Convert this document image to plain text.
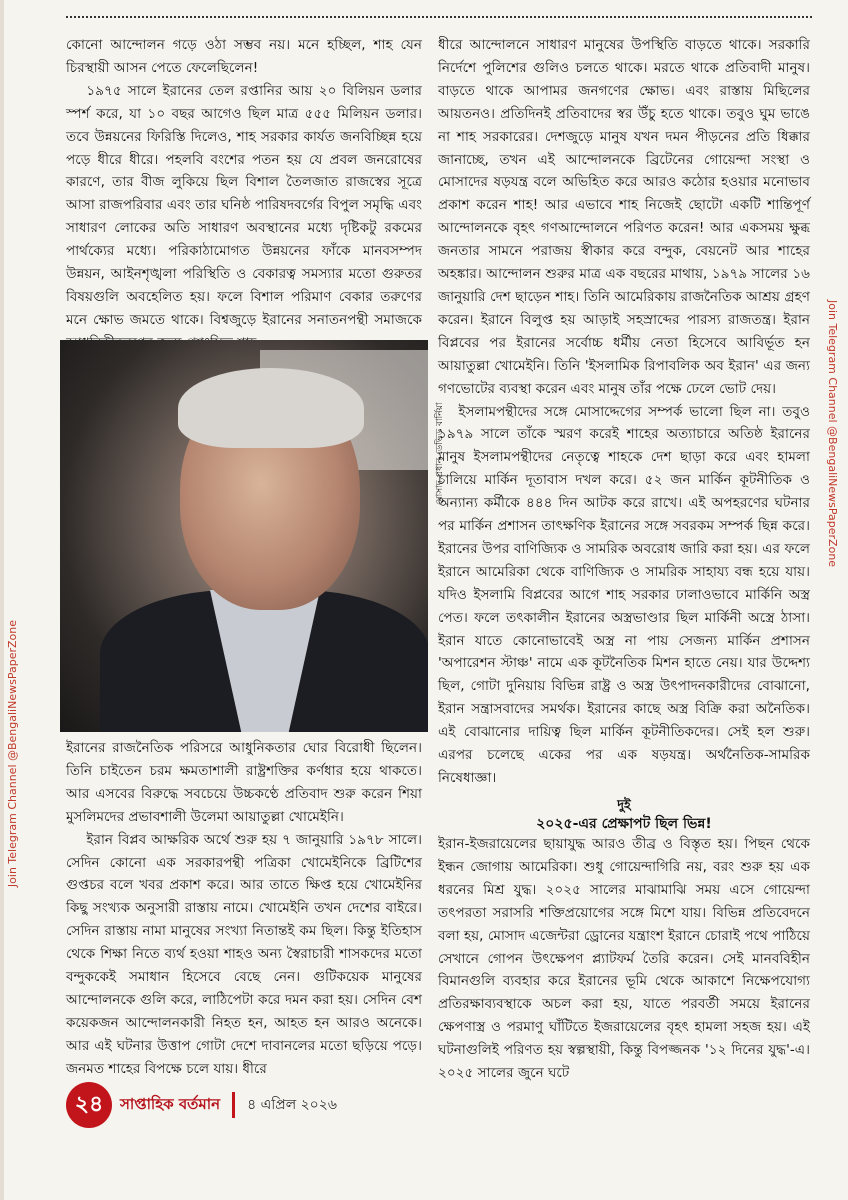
কোনো আন্দোলন গড়ে ওঠা সম্ভব নয়। মনে হচ্ছিল, শাহ যেন চিরস্থায়ী আসন পেতে ফেলেছিলেন!

১৯৭৫ সালে ইরানের তেল রপ্তানির আয় ২০ বিলিয়ন ডলার স্পর্শ করে, যা ১০ বছর আগেও ছিল মাত্র ৫৫৫ মিলিয়ন ডলার। তবে উন্নয়নের ফিরিস্তি দিলেও, শাহ সরকার কার্যত জনবিচ্ছিন্ন হয়ে পড়ে ধীরে ধীরে। পহলবি বংশের পতন হয় যে প্রবল জনরোষের কারণে, তার বীজ লুকিয়ে ছিল বিশাল তৈলজাত রাজস্বের সূত্রে আসা রাজপরিবার এবং তার ঘনিষ্ঠ পারিষদবর্গের বিপুল সমৃদ্ধি এবং সাধারণ লোকের অতি সাধারণ অবস্থানের মধ্যে দৃষ্টিকটু রকমের পার্থক্যের মধ্যে। পরিকাঠামোগত উন্নয়নের ফাঁকে মানবসম্পদ উন্নয়ন, আইনশৃঙ্খলা পরিস্থিতি ও বেকারত্ব সমস্যার মতো গুরুতর বিষয়গুলি অবহেলিত হয়। ফলে বিশাল পরিমাণ বেকার তরুণের মনে ক্ষোভ জমতে থাকে। বিশ্বজুড়ে ইরানের সনাতনপন্থী সমাজকে

মোসাদ প্রধান ডেভিড বার্নিয়া

ইরানের রাজনৈতিক পরিসরে আধুনিকতার ঘোর বিরোধী ছিলেন। তিনি চাইতেন চরম ক্ষমতাশালী রাষ্ট্রশক্তির কর্ণধার হয়ে থাকতে। আর এসবের বিরুদ্ধে সবচেয়ে উচ্চকণ্ঠে প্রতিবাদ শুরু করেন শিয়া মুসলিমদের প্রভাবশালী উলেমা আয়াতুল্লা খোমেইনি।

ইরান বিপ্লব আক্ষরিক অর্থে শুরু হয় ৭ জানুয়ারি ১৯৭৮ সালে। সেদিন কোনো এক সরকারপন্থী পত্রিকা খোমেইনিকে ব্রিটিশের গুপ্তচর বলে খবর প্রকাশ করে। আর তাতে ক্ষিপ্ত হয়ে খোমেইনির কিছু সংখ্যক অনুসারী রাস্তায় নামে। খোমেইনি তখন দেশের বাইরে। সেদিন রাস্তায় নামা মানুষের সংখ্যা নিতান্তই কম ছিল। কিন্তু ইতিহাস থেকে শিক্ষা নিতে ব্যর্থ হওয়া শাহও অন্য স্বৈরাচারী শাসকদের মতো বন্দুককেই সমাধান হিসেবে বেছে নেন। গুটিকয়েক মানুষের আন্দোলনকে গুলি করে, লাঠিপেটা করে দমন করা হয়। সেদিন বেশ কয়েকজন আন্দোলনকারী নিহত হন, আহত হন আরও অনেকে। আর এই ঘটনার উত্তাপ গোটা দেশে দাবানলের মতো ছড়িয়ে পড়ে। জনমত শাহের বিপক্ষে চলে যায়। ধীরে

ধীরে আন্দোলনে সাধারণ মানুষের উপস্থিতি বাড়তে থাকে। সরকারি নির্দেশে পুলিশের গুলিও চলতে থাকে। মরতে থাকে প্রতিবাদী মানুষ। বাড়তে থাকে আপামর জনগণের ক্ষোভ। এবং রাস্তায় মিছিলের আয়তনও। প্রতিদিনই প্রতিবাদের স্বর উঁচু হতে থাকে। তবুও ঘুম ভাঙে না শাহ সরকারের। দেশজুড়ে মানুষ যখন দমন পীড়নের প্রতি ধিক্কার জানাচ্ছে, তখন এই আন্দোলনকে ব্রিটেনের গোয়েন্দা সংস্থা ও মোসাদের ষড়যন্ত্র বলে অভিহিত করে আরও কঠোর হওয়ার মনোভাব প্রকাশ করেন শাহ! আর এভাবে শাহ নিজেই ছোটো একটি শান্তিপূর্ণ আন্দোলনকে বৃহৎ গণআন্দোলনে পরিণত করেন! আর একসময় ক্ষুব্ধ জনতার সামনে পরাজয় স্বীকার করে বন্দুক, বেয়নেট আর শাহের অহঙ্কার। আন্দোলন শুরুর মাত্র এক বছরের মাথায়, ১৯৭৯ সালের ১৬ জানুয়ারি দেশ ছাড়েন শাহ। তিনি আমেরিকায় রাজনৈতিক আশ্রয় গ্রহণ করেন। ইরানে বিলুপ্ত হয় আড়াই সহস্রাব্দের পারস্য রাজতন্ত্র। ইরান বিপ্লবের পর ইরানের সর্বোচ্চ ধর্মীয় নেতা হিসেবে আবির্ভূত হন আয়াতুল্লা খোমেইনি। তিনি 'ইসলামিক রিপাবলিক অব ইরান' এর জন্য গণভোটের ব্যবস্থা করেন এবং মানুষ তাঁর পক্ষে ঢেলে ভোট দেয়।

ইসলামপন্থীদের সঙ্গে মোসাদ্দেগের সম্পর্ক ভালো ছিল না। তবুও ১৯৭৯ সালে তাঁকে স্মরণ করেই শাহের অত্যাচারে অতিষ্ঠ ইরানের মানুষ ইসলামপন্থীদের নেতৃত্বে শাহকে দেশ ছাড়া করে এবং হামলা চালিয়ে মার্কিন দূতাবাস দখল করে। ৫২ জন মার্কিন কূটনীতিক ও অন্যান্য কর্মীকে ৪৪৪ দিন আটক করে রাখে। এই অপহরণের ঘটনার পর মার্কিন প্রশাসন তাৎক্ষণিক ইরানের সঙ্গে সবরকম সম্পর্ক ছিন্ন করে। ইরানের উপর বাণিজ্যিক ও সামরিক অবরোধ জারি করা হয়। এর ফলে ইরানে আমেরিকা থেকে বাণিজ্যিক ও সামরিক সাহায্য বন্ধ হয়ে যায়। যদিও ইসলামি বিপ্লবের আগে শাহ সরকার ঢালাওভাবে মার্কিনি অস্ত্র পেত। ফলে তৎকালীন ইরানের অস্ত্রভাণ্ডার ছিল মার্কিনী অস্ত্রে ঠাসা। ইরান যাতে কোনোভাবেই অস্ত্র না পায় সেজন্য মার্কিন প্রশাসন 'অপারেশন স্টাঞ্চ' নামে এক কূটনৈতিক মিশন হাতে নেয়। যার উদ্দেশ্য ছিল, গোটা দুনিয়ায় বিভিন্ন রাষ্ট্র ও অস্ত্র উৎপাদনকারীদের বোঝানো, ইরান সন্ত্রাসবাদের সমর্থক। ইরানের কাছে অস্ত্র বিক্রি করা অনৈতিক। এই বোঝানোর দায়িত্ব ছিল মার্কিন কূটনীতিকদের। সেই হল শুরু। এরপর চলেছে একের পর এক ষড়যন্ত্র। অর্থনৈতিক-সামরিক নিষেধাজ্ঞা।

দুই
২০২৫-এর প্রেক্ষাপট ছিল ভিন্ন!

ইরান-ইজরায়েলের ছায়াযুদ্ধ আরও তীব্র ও বিস্তৃত হয়। পিছন থেকে ইন্ধন জোগায় আমেরিকা। শুধু গোয়েন্দাগিরি নয়, বরং শুরু হয় এক ধরনের মিশ্র যুদ্ধ। ২০২৫ সালের মাঝামাঝি সময় এসে গোয়েন্দা তৎপরতা সরাসরি শক্তিপ্রয়োগের সঙ্গে মিশে যায়। বিভিন্ন প্রতিবেদনে বলা হয়, মোসাদ এজেন্টরা ড্রোনের যন্ত্রাংশ ইরানে চোরাই পথে পাঠিয়ে সেখানে গোপন উৎক্ষেপণ প্ল্যাটফর্ম তৈরি করেন। সেই মানববিহীন বিমানগুলি ব্যবহার করে ইরানের ভূমি থেকে আকাশে নিক্ষেপযোগ্য প্রতিরক্ষাব্যবস্থাকে অচল করা হয়, যাতে পরবর্তী সময়ে ইরানের ক্ষেপণাস্ত্র ও পরমাণু ঘাঁটিতে ইজরায়েলের বৃহৎ হামলা সহজ হয়। এই ঘটনাগুলিই পরিণত হয় স্বল্পস্থায়ী, কিন্তু বিপজ্জনক '১২ দিনের যুদ্ধ'-এ। ২০২৫ সালের জুনে ঘটে

Join Telegram Channel @BengaliNewsPaperZone
Join Telegram Channel @BengaliNewsPaperZone
২৪	সাপ্তাহিক বর্তমান ৪ এপ্রিল ২০২৬
